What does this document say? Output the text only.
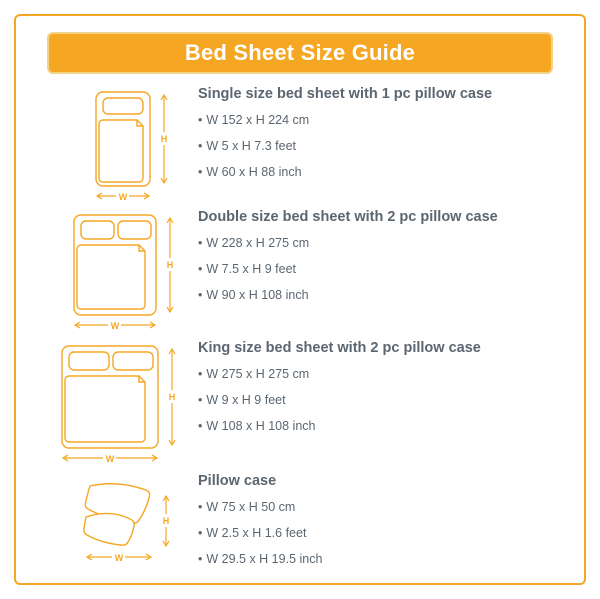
Bed Sheet Size Guide
H
W

Single size bed sheet with 1 pc pillow case

• W 152 x H 224 cm

• W 5 x H 7.3 feet

• W 60 x H 88 inch

H
W

Double size bed sheet with 2 pc pillow case

• W 228 x H 275 cm

• W 7.5 x H 9 feet

• W 90 x H 108 inch

H
W

King size bed sheet with 2 pc pillow case

• W 275 x H 275 cm

• W 9 x H 9 feet

• W 108 x H 108 inch

H
W

Pillow case

• W 75 x H 50 cm

• W 2.5 x H 1.6 feet

• W 29.5 x H 19.5 inch
